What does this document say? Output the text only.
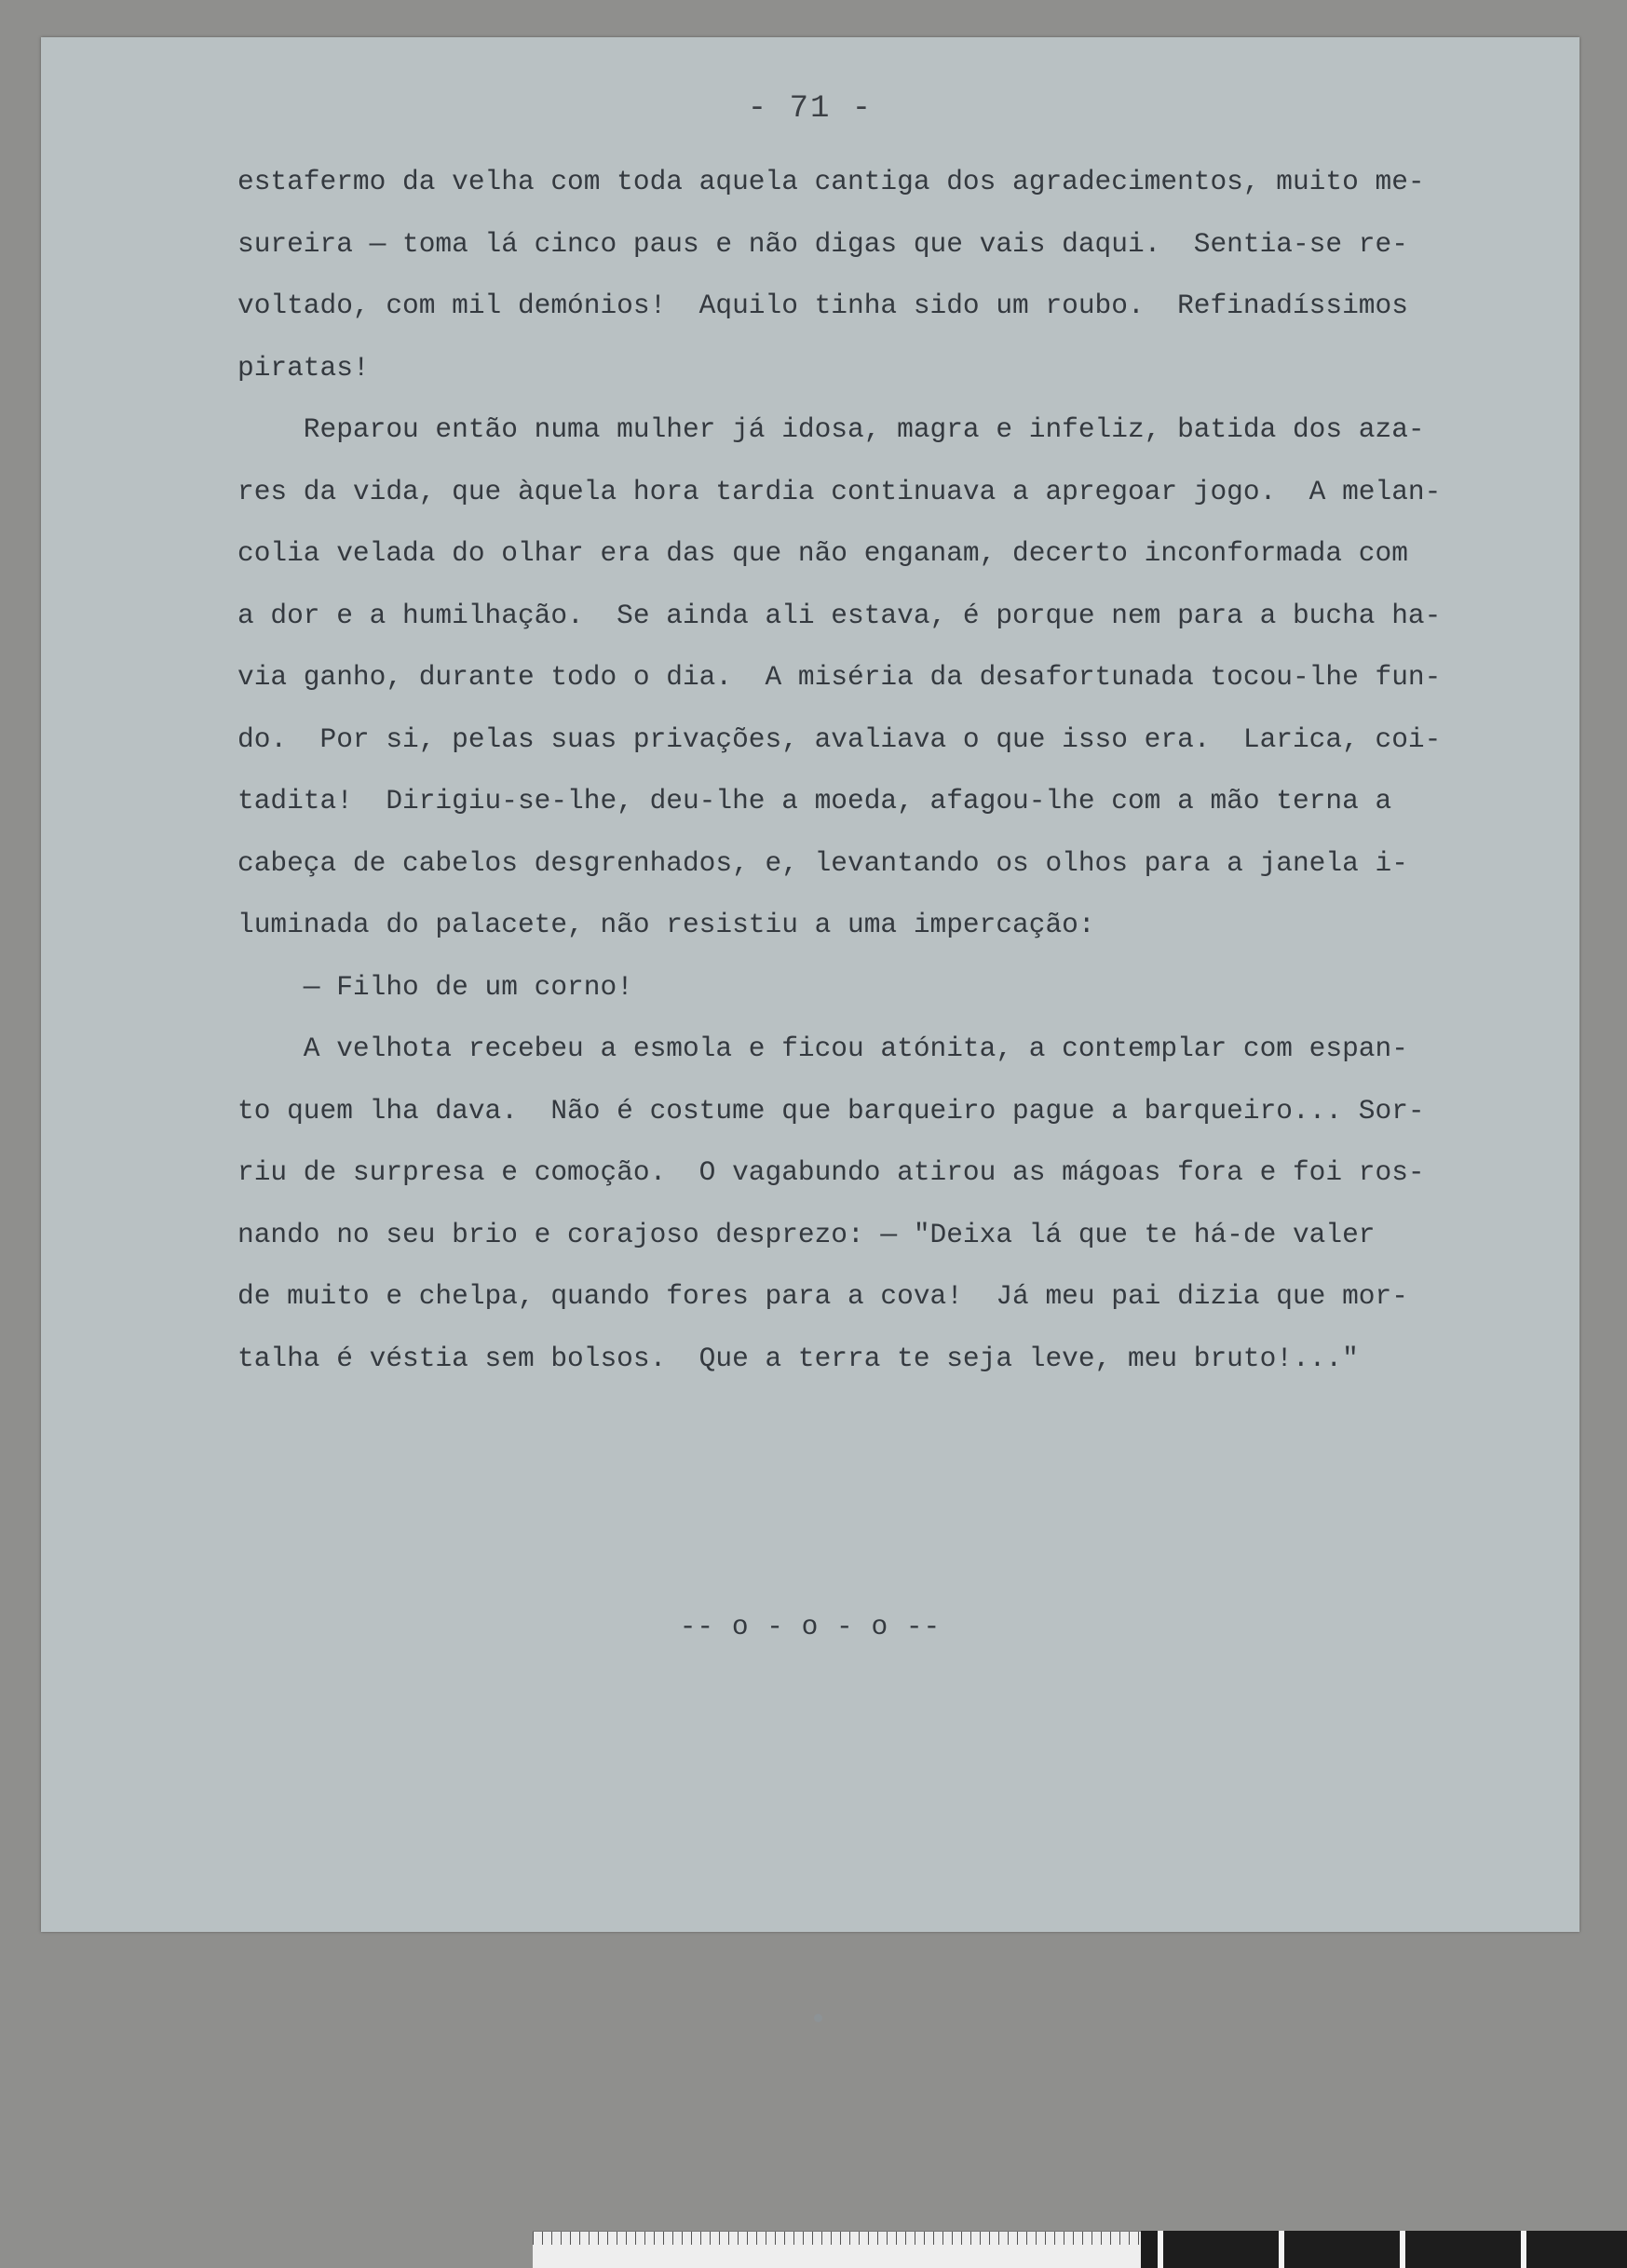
- 71 -
estafermo da velha com toda aquela cantiga dos agradecimentos, muito me-
sureira — toma lá cinco paus e não digas que vais daqui.  Sentia-se re-
voltado, com mil demónios!  Aquilo tinha sido um roubo.  Refinadíssimos
piratas!
Reparou então numa mulher já idosa, magra e infeliz, batida dos aza-
res da vida, que àquela hora tardia continuava a apregoar jogo.  A melan-
colia velada do olhar era das que não enganam, decerto inconformada com
a dor e a humilhação.  Se ainda ali estava, é porque nem para a bucha ha-
via ganho, durante todo o dia.  A miséria da desafortunada tocou-lhe fun-
do.  Por si, pelas suas privações, avaliava o que isso era.  Larica, coi-
tadita!  Dirigiu-se-lhe, deu-lhe a moeda, afagou-lhe com a mão terna a
cabeça de cabelos desgrenhados, e, levantando os olhos para a janela i-
luminada do palacete, não resistiu a uma impercação:
— Filho de um corno!
A velhota recebeu a esmola e ficou atónita, a contemplar com espan-
to quem lha dava.  Não é costume que barqueiro pague a barqueiro... Sor-
riu de surpresa e comoção.  O vagabundo atirou as mágoas fora e foi ros-
nando no seu brio e corajoso desprezo: — "Deixa lá que te há-de valer
de muito e chelpa, quando fores para a cova!  Já meu pai dizia que mor-
talha é véstia sem bolsos.  Que a terra te seja leve, meu bruto!..."
-- o - o - o --
